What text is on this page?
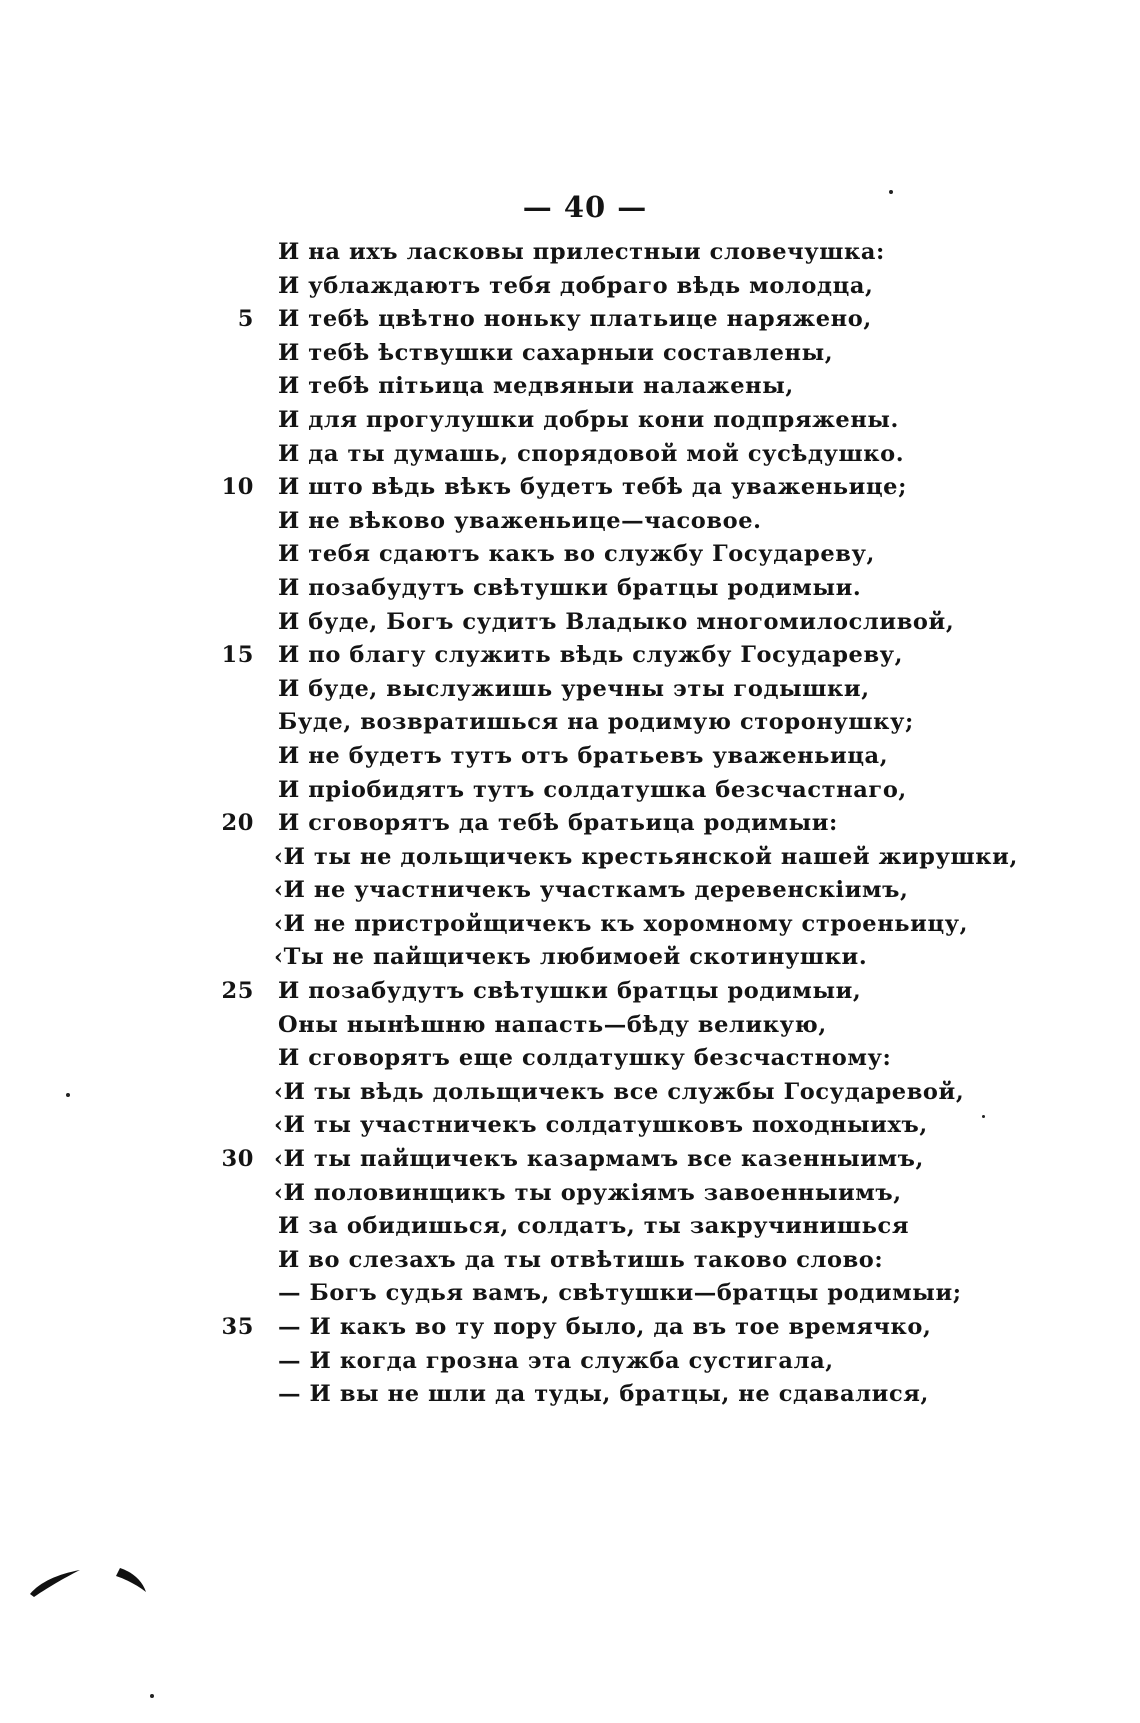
— 40 —
И на ихъ ласковы прилестныи словечушка:
И ублаждаютъ тебя добраго вѣдь молодца,
5 И тебѣ цвѣтно ноньку платьице наряжено,
И тебѣ ѣствушки сахарныи составлены,
И тебѣ пітьица медвяныи налажены,
И для прогулушки добры кони подпряжены.
И да ты думашь, спорядовой мой сусѣдушко.
10 И што вѣдь вѣкъ будетъ тебѣ да уваженьице;
И не вѣково уваженьице—часовое.
И тебя сдаютъ какъ во службу Государеву,
И позабудутъ свѣтушки братцы родимыи.
И буде, Богъ судитъ Владыко многомилосливой,
15 И по благу служить вѣдь службу Государеву,
И буде, выслужишь уречны эты годышки,
Буде, возвратишься на родимую сторонушку;
И не будетъ тутъ отъ братьевъ уваженьица,
И пріобидятъ тутъ солдатушка безсчастнаго,
20 И сговорятъ да тебѣ братьица родимыи:
‹И ты не дольщичекъ крестьянской нашей жирушки,
‹И не участничекъ участкамъ деревенскіимъ,
‹И не пристройщичекъ къ хоромному строеньицу,
‹Ты не пайщичекъ любимоей скотинушки.
25 И позабудутъ свѣтушки братцы родимыи,
Оны нынѣшню напасть—бѣду великую,
И сговорятъ еще солдатушку безсчастному:
‹И ты вѣдь дольщичекъ все службы Государевой,
‹И ты участничекъ солдатушковъ походныихъ,
30 ‹И ты пайщичекъ казармамъ все казенныимъ,
‹И половинщикъ ты оружіямъ завоенныимъ,
И за обидишься, солдатъ, ты закручинишься
И во слезахъ да ты отвѣтишь таково слово:
— Богъ судья вамъ, свѣтушки—братцы родимыи;
35 — И какъ во ту пору было, да въ тое времячко,
— И когда грозна эта служба сустигала,
— И вы не шли да туды, братцы, не сдавалися,
